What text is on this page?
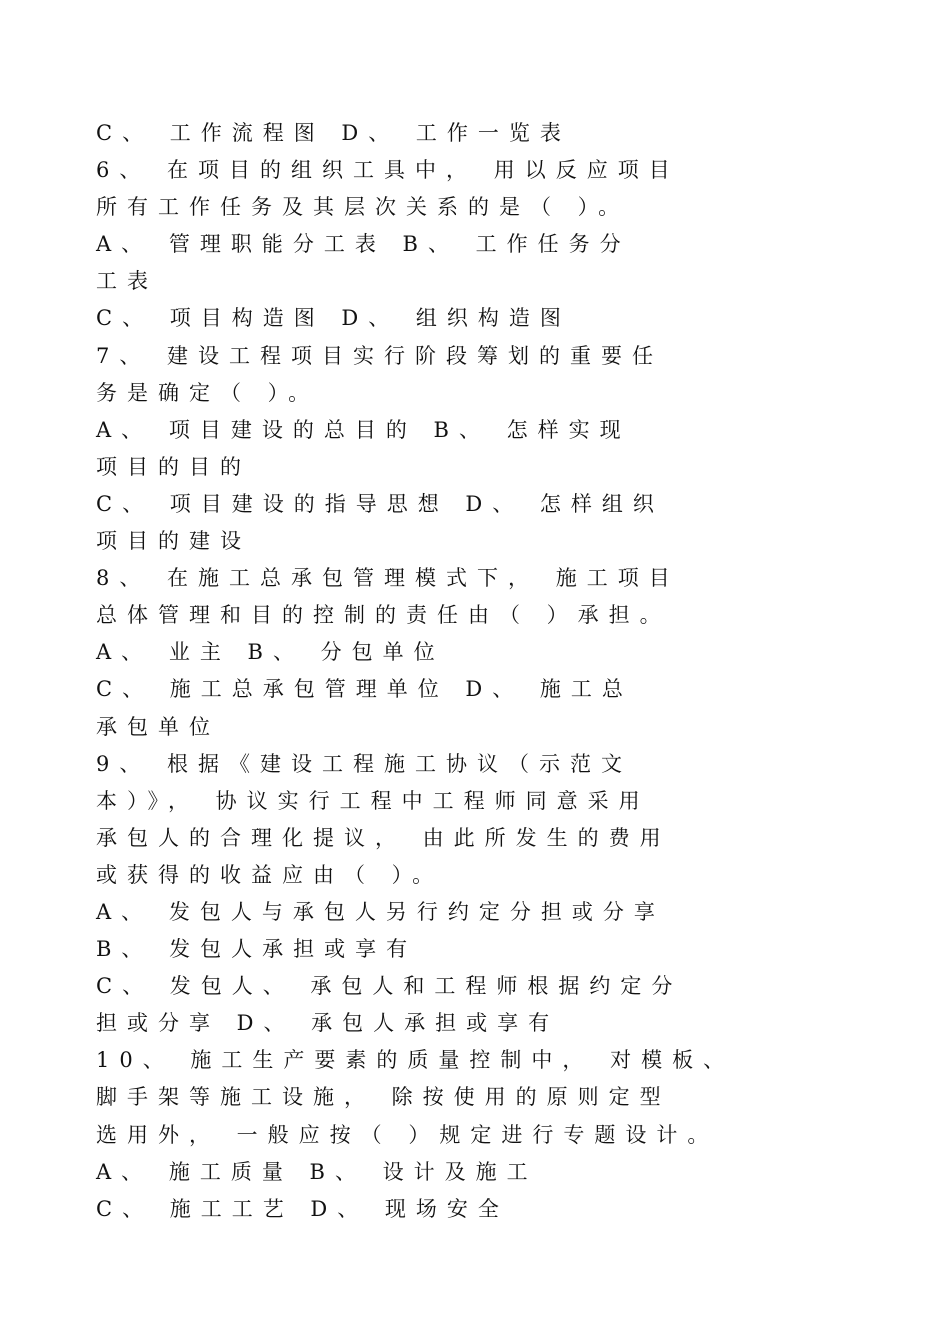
C、 工作流程图 D、 工作一览表
6、 在项目的组织工具中， 用以反应项目
所有工作任务及其层次关系的是（ ）。
A、 管理职能分工表 B、 工作任务分
工表
C、 项目构造图 D、 组织构造图
7、 建设工程项目实行阶段筹划的重要任
务是确定（ ）。
A、 项目建设的总目的 B、 怎样实现
项目的目的
C、 项目建设的指导思想 D、 怎样组织
项目的建设
8、 在施工总承包管理模式下， 施工项目
总体管理和目的控制的责任由（ ）承担。
A、 业主 B、 分包单位
C、 施工总承包管理单位 D、 施工总
承包单位
9、 根据《建设工程施工协议（示范文
本）》， 协议实行工程中工程师同意采用
承包人的合理化提议， 由此所发生的费用
或获得的收益应由（ ）。
A、 发包人与承包人另行约定分担或分享
B、 发包人承担或享有
C、 发包人、 承包人和工程师根据约定分
担或分享 D、 承包人承担或享有
10、 施工生产要素的质量控制中， 对模板、
脚手架等施工设施， 除按使用的原则定型
选用外， 一般应按（ ）规定进行专题设计。
A、 施工质量 B、 设计及施工
C、 施工工艺 D、 现场安全
